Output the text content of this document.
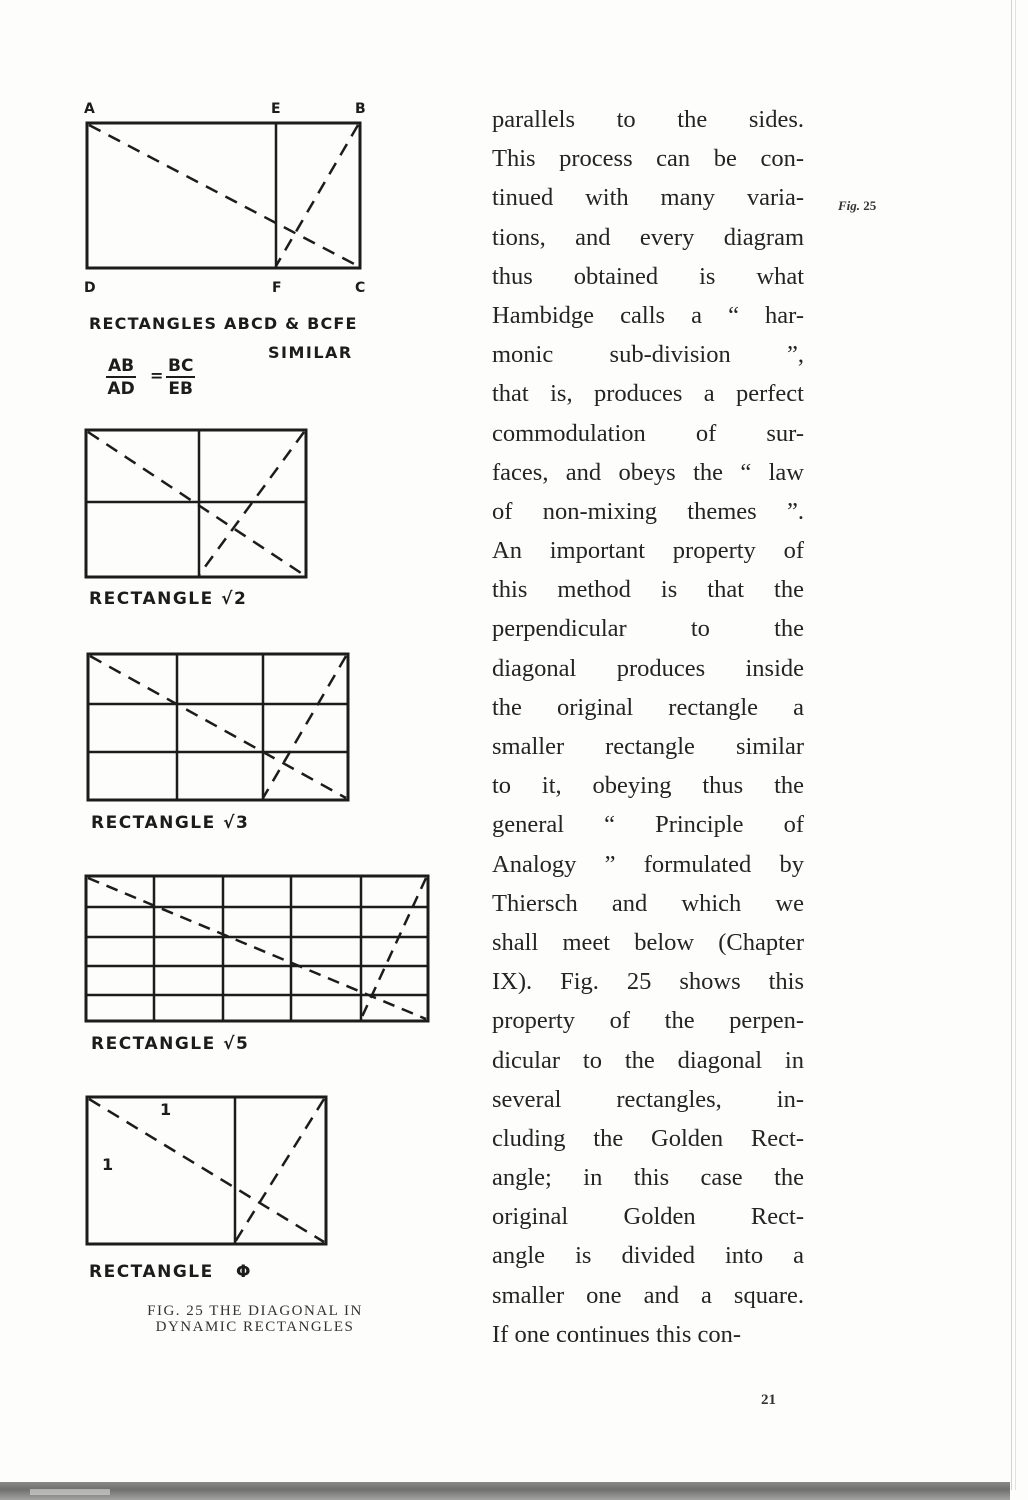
A	E	B
D	F	C
RECTANGLES ABCD & BCFE
SIMILAR
$\frac{AB}{AD} = \frac{BC}{EB}$
RECTANGLE √2
RECTANGLE √3
RECTANGLE √5
1
1
RECTANGLE   Φ
FIG. 25 THE DIAGONAL IN
DYNAMIC RECTANGLES
parallels to the sides.
This process can be con-
tinued with many varia-
tions, and every diagram
thus obtained is what
Hambidge calls a “ har-
monic sub-division ”,
that is, produces a perfect
commodulation of sur-
faces, and obeys the “ law
of non-mixing themes ”.
An important property of
this method is that the
perpendicular to the
diagonal produces inside
the original rectangle a
smaller rectangle similar
to it, obeying thus the
general “ Principle of
Analogy ” formulated by
Thiersch and which we
shall meet below (Chapter
IX). Fig. 25 shows this
property of the perpen-
dicular to the diagonal in
several rectangles, in-
cluding the Golden Rect-
angle; in this case the
original Golden Rect-
angle is divided into a
smaller one and a square.
If one continues this con-
Fig. 25
21
